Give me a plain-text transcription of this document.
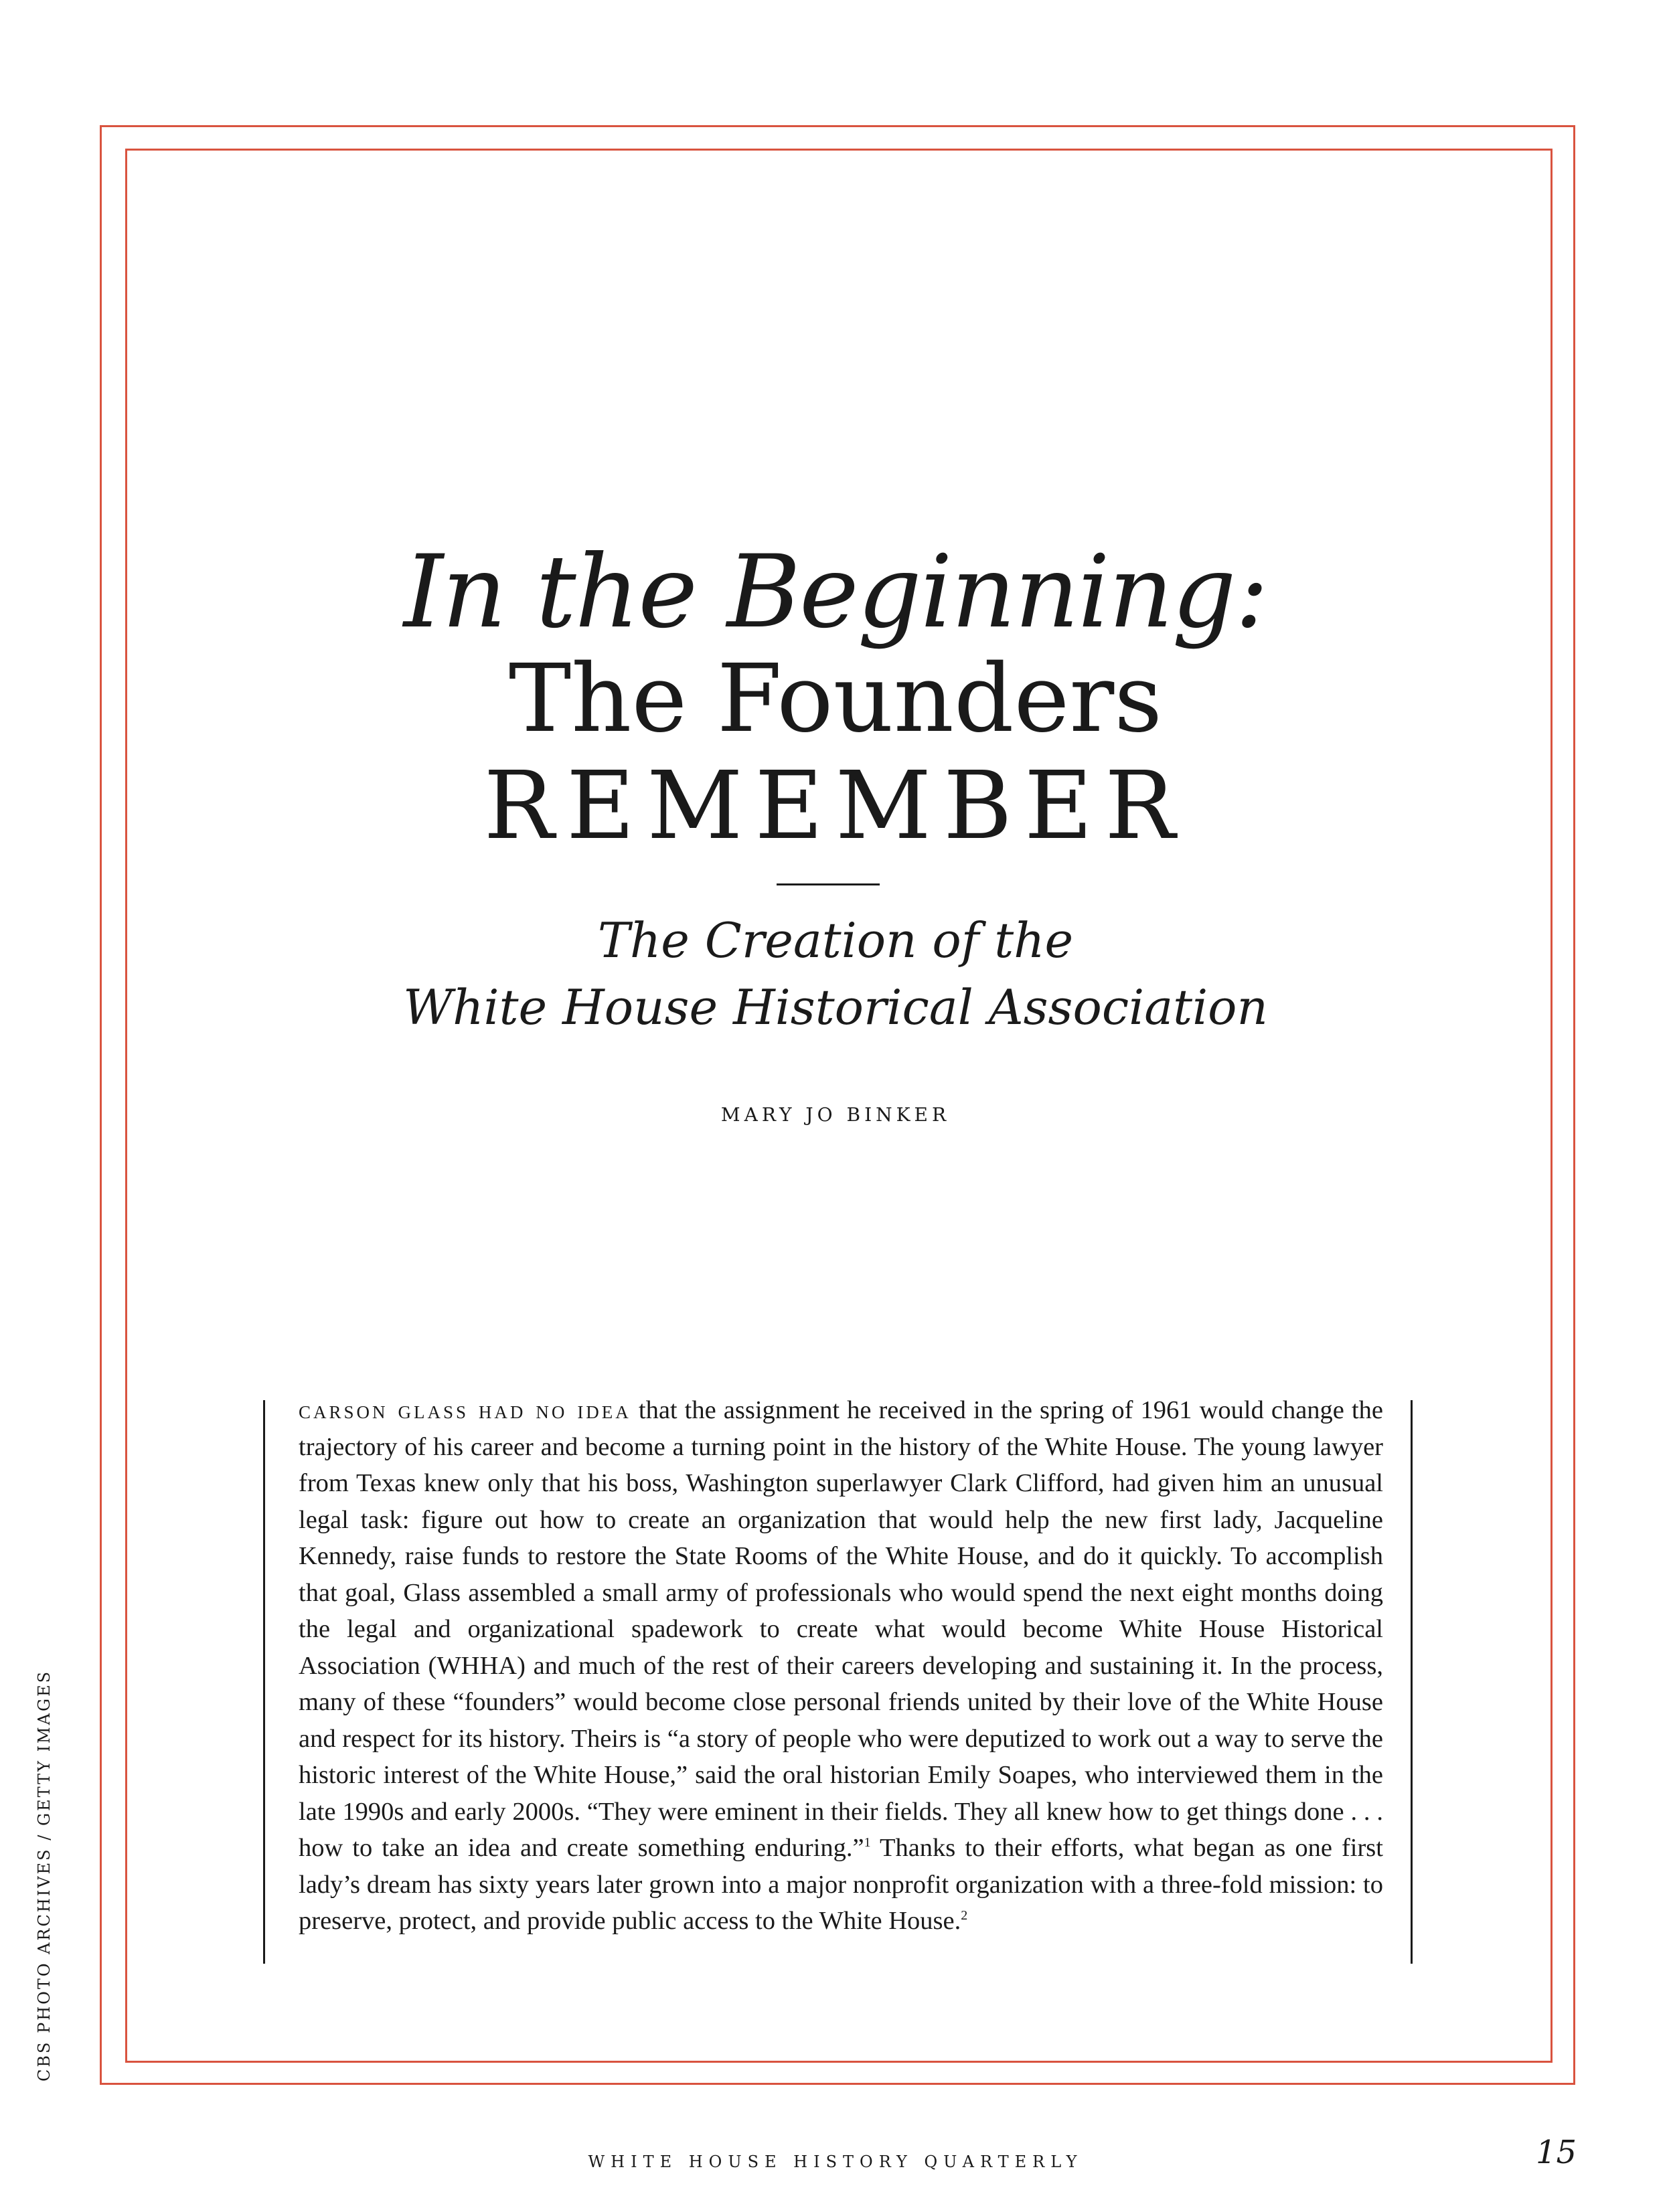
In the Beginning:
The Founders
REMEMBER
The Creation of the
White House Historical Association
MARY JO BINKER
carson glass had no idea that the assignment he received in the spring of 1961 would change the trajectory of his career and become a turning point in the history of the White House. The young lawyer from Texas knew only that his boss, Washington superlawyer Clark Clifford, had given him an unusual legal task: figure out how to create an organization that would help the new first lady, Jacqueline Kennedy, raise funds to restore the State Rooms of the White House, and do it quickly. To accomplish that goal, Glass assembled a small army of professionals who would spend the next eight months doing the legal and organizational spadework to create what would become White House Historical Association (WHHA) and much of the rest of their careers developing and sustaining it. In the process, many of these “founders” would become close personal friends united by their love of the White House and respect for its history. Theirs is “a story of people who were deputized to work out a way to serve the historic interest of the White House,” said the oral historian Emily Soapes, who interviewed them in the late 1990s and early 2000s. “They were eminent in their fields. They all knew how to get things done . . . how to take an idea and create something enduring.”$^1$ Thanks to their efforts, what began as one first lady’s dream has sixty years later grown into a major nonprofit organization with a three-fold mission: to preserve, protect, and provide public access to the White House.$^2$
CBS PHOTO ARCHIVES / GETTY IMAGES
WHITE HOUSE HISTORY QUARTERLY	15
